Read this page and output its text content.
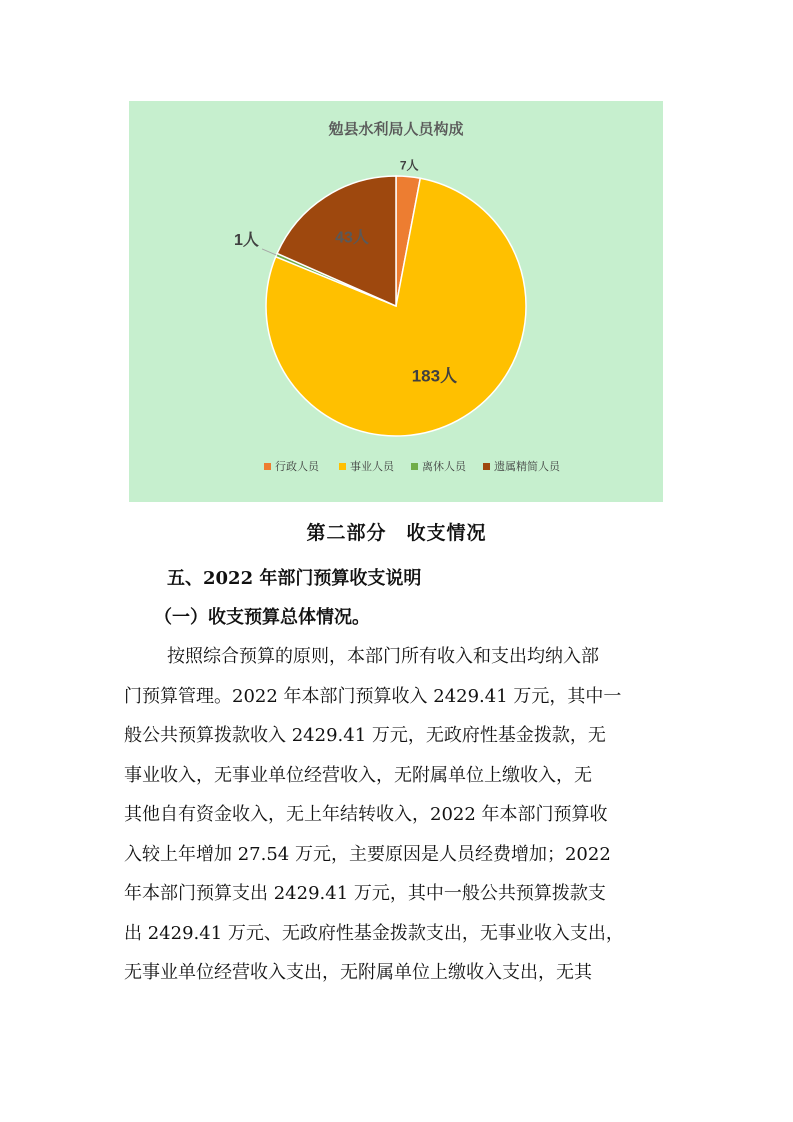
勉县水利局人员构成
7人
183人
1人	43人
行政人员	事业人员	离休人员	遗属精简人员
第二部分　收支情况
五、2022 年部门预算收支说明
（一）收支预算总体情况。
按照综合预算的原则，本部门所有收入和支出均纳入部
门预算管理。2022 年本部门预算收入 2429.41 万元，其中一
般公共预算拨款收入 2429.41 万元，无政府性基金拨款，无
事业收入，无事业单位经营收入，无附属单位上缴收入，无
其他自有资金收入，无上年结转收入，2022 年本部门预算收
入较上年增加 27.54 万元，主要原因是人员经费增加；2022
年本部门预算支出 2429.41 万元，其中一般公共预算拨款支
出 2429.41 万元、无政府性基金拨款支出，无事业收入支出，
无事业单位经营收入支出，无附属单位上缴收入支出，无其
